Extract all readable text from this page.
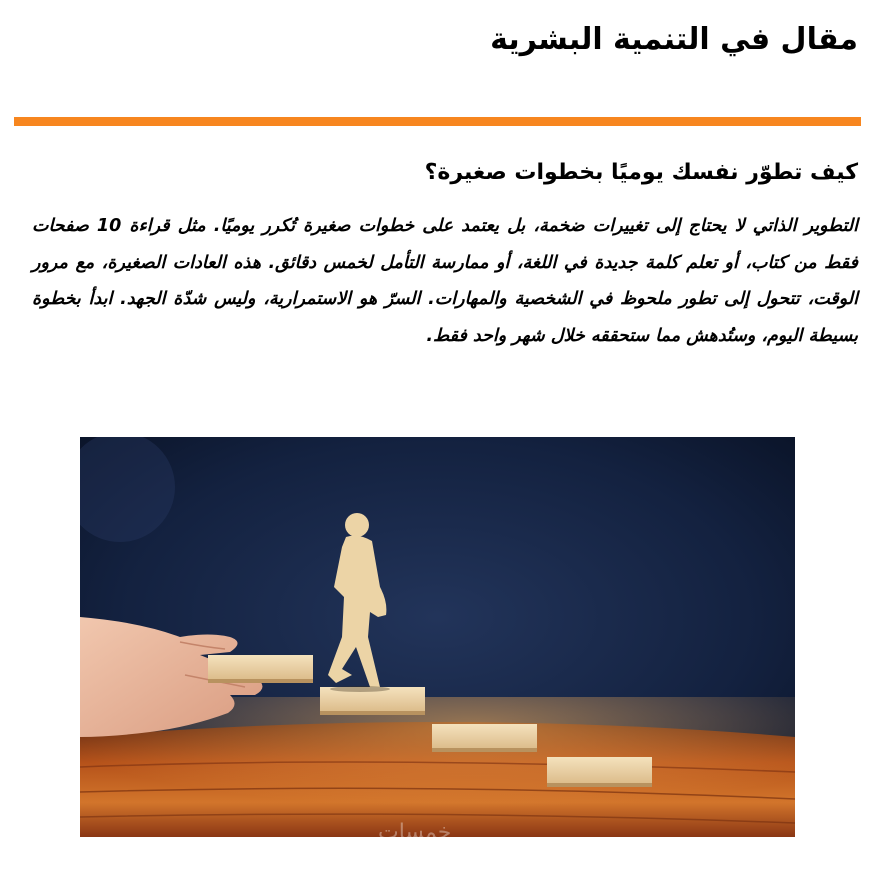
مقال في التنمية البشرية
كيف تطوّر نفسك يوميًا بخطوات صغيرة؟
التطوير الذاتي لا يحتاج إلى تغييرات ضخمة، بل يعتمد على خطوات صغيرة تُكرر يوميًا. مثل قراءة 10 صفحات فقط من كتاب، أو تعلم كلمة جديدة في اللغة، أو ممارسة التأمل لخمس دقائق. هذه العادات الصغيرة، مع مرور الوقت، تتحول إلى تطور ملحوظ في الشخصية والمهارات. السرّ هو الاستمرارية، وليس شدّة الجهد. ابدأ بخطوة بسيطة اليوم، وستُدهش مما ستحققه خلال شهر واحد فقط.
خمسات
